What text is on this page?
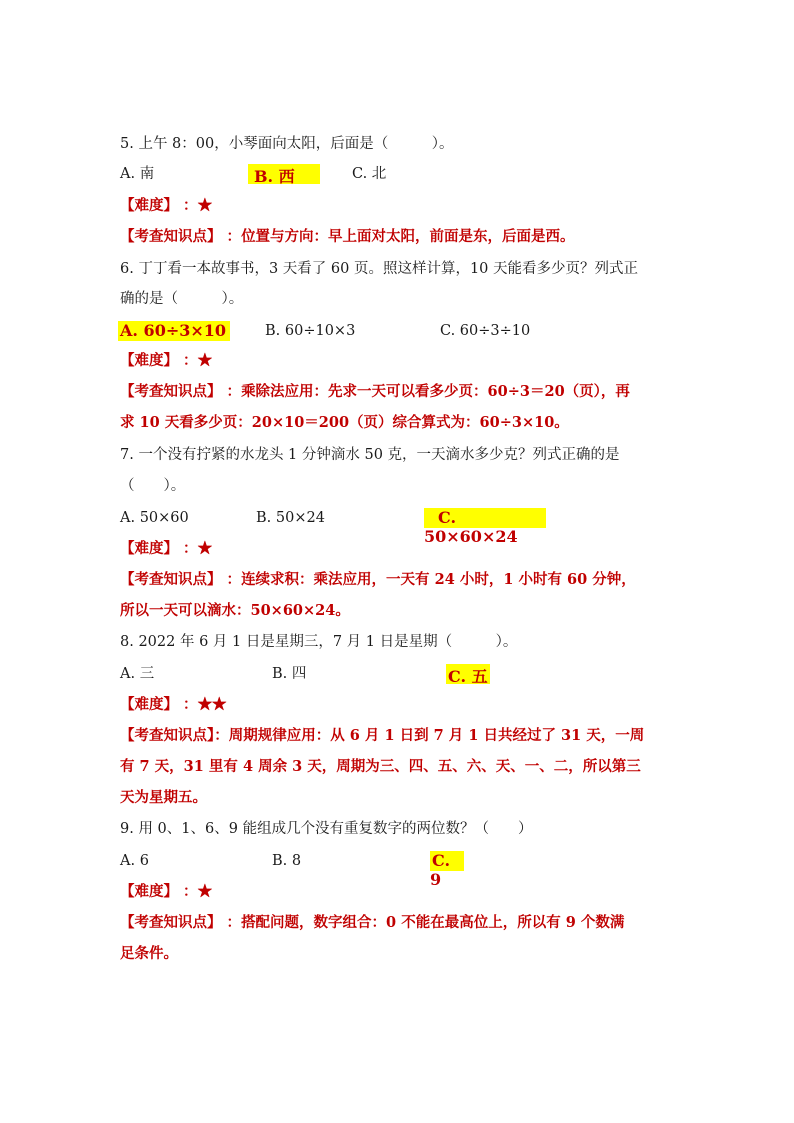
5. 上午 8：00，小琴面向太阳，后面是（　　　）。
A. 南	B. 西	C. 北
【难度】 ：★
【考查知识点】 ：位置与方向：早上面对太阳，前面是东，后面是西。
6. 丁丁看一本故事书，3 天看了 60 页。照这样计算，10 天能看多少页？列式正
确的是（　　　）。
A. 60÷3×10	B. 60÷10×3	C. 60÷3÷10
【难度】 ：★
【考查知识点】 ：乘除法应用：先求一天可以看多少页：60÷3＝20（页），再
求 10 天看多少页：20×10＝200（页）综合算式为：60÷3×10。
7. 一个没有拧紧的水龙头 1 分钟滴水 50 克，一天滴水多少克？列式正确的是
（　　）。
A. 50×60	B. 50×24	C. 50×60×24
【难度】 ：★
【考查知识点】 ：连续求积：乘法应用，一天有 24 小时，1 小时有 60 分钟，
所以一天可以滴水：50×60×24。
8. 2022 年 6 月 1 日是星期三，7 月 1 日是星期（　　　）。
A. 三	B. 四	C. 五
【难度】 ：★★
【考查知识点】：周期规律应用：从 6 月 1 日到 7 月 1 日共经过了 31 天，一周
有 7 天，31 里有 4 周余 3 天，周期为三、四、五、六、天、一、二，所以第三
天为星期五。
9. 用 0、1、6、9 能组成几个没有重复数字的两位数？（　　）
A. 6	B. 8	C. 9
【难度】 ：★
【考查知识点】 ：搭配问题，数字组合：0 不能在最高位上，所以有 9 个数满
足条件。
